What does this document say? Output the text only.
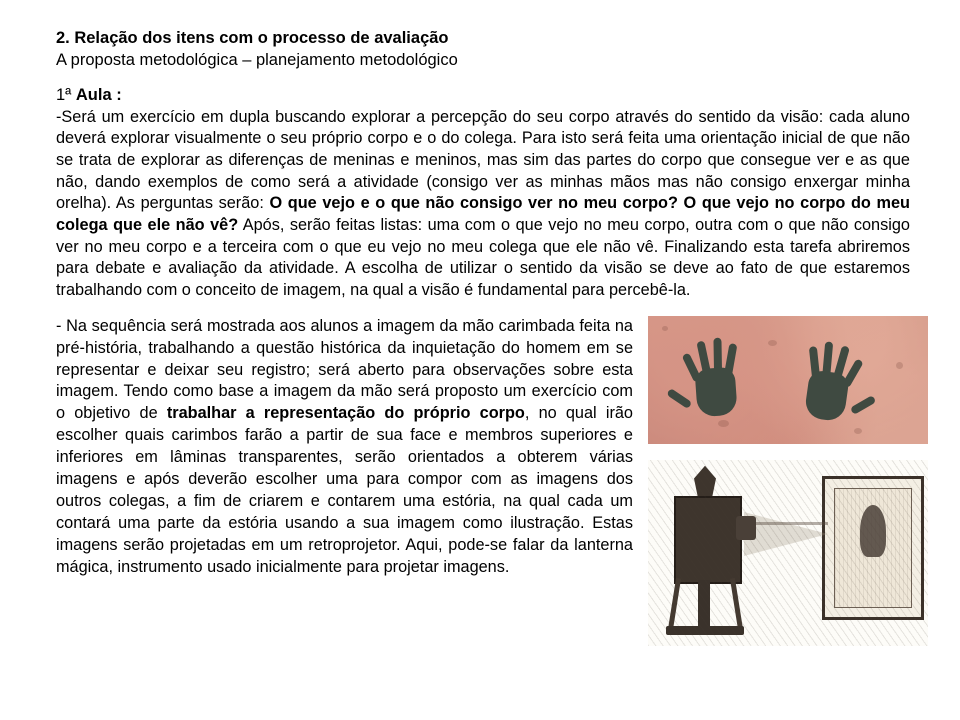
2. Relação dos itens com o processo de avaliação

A proposta metodológica – planejamento metodológico

1ª Aula :

-Será um exercício em dupla buscando explorar a percepção do seu corpo através do sentido da visão: cada aluno deverá explorar visualmente o seu próprio corpo e o do colega. Para isto será feita uma orientação inicial de que não se trata de explorar as diferenças de meninas e meninos, mas sim das partes do corpo que consegue ver e as que não, dando exemplos de como será a atividade (consigo ver as minhas mãos mas não consigo enxergar minha orelha). As perguntas serão: O que vejo e o que não consigo ver no meu corpo? O que vejo no corpo do meu colega que ele não vê? Após, serão feitas listas: uma com o que vejo no meu corpo, outra com o que não consigo ver no meu corpo e a terceira com o que eu vejo no meu colega que ele não vê. Finalizando esta tarefa abriremos para debate e avaliação da atividade. A escolha de utilizar o sentido da visão se deve ao fato de que estaremos trabalhando com o conceito de imagem, na qual a visão é fundamental para percebê-la.

- Na sequência será mostrada aos alunos a imagem da mão carimbada feita na pré-história, trabalhando a questão histórica da inquietação do homem em se representar e deixar seu registro; será aberto para observações sobre esta imagem. Tendo como base a imagem da mão será proposto um exercício com o objetivo de trabalhar a representação do próprio corpo, no qual irão escolher quais carimbos farão a partir de sua face e membros superiores e inferiores em lâminas transparentes, serão orientados a obterem várias imagens e após deverão escolher uma para compor com as imagens dos outros colegas, a fim de criarem e contarem uma estória, na qual cada um contará uma parte da estória usando a sua imagem como ilustração. Estas imagens serão projetadas em um retroprojetor. Aqui, pode-se falar da lanterna mágica, instrumento usado inicialmente para projetar imagens.
